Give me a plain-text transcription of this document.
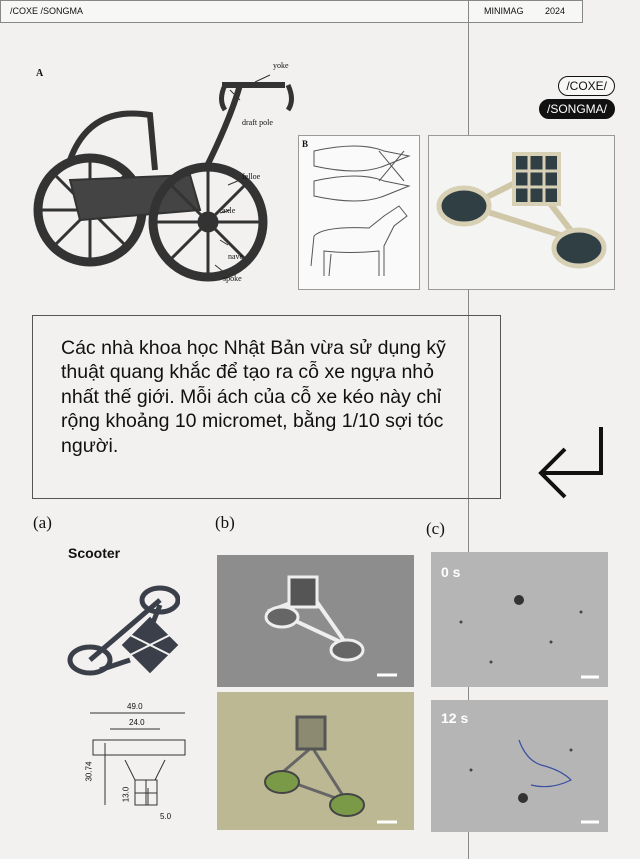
/COXE /SONGMA	MINIMAG 2024
/COXE/
/SONGMA/
A
yoke
draft pole
felloe
axle
nave
spoke
B

Các nhà khoa học Nhật Bản vừa sử dụng kỹ thuật quang khắc để tạo ra cỗ xe ngựa nhỏ nhất thế giới. Mỗi ách của cỗ xe kéo này chỉ rộng khoảng 10 micromet, bằng 1/10 sợi tóc người.

(a)	(b)	(c)
Scooter
49.0
24.0
30.74
13.0
5.0
0 s
12 s
